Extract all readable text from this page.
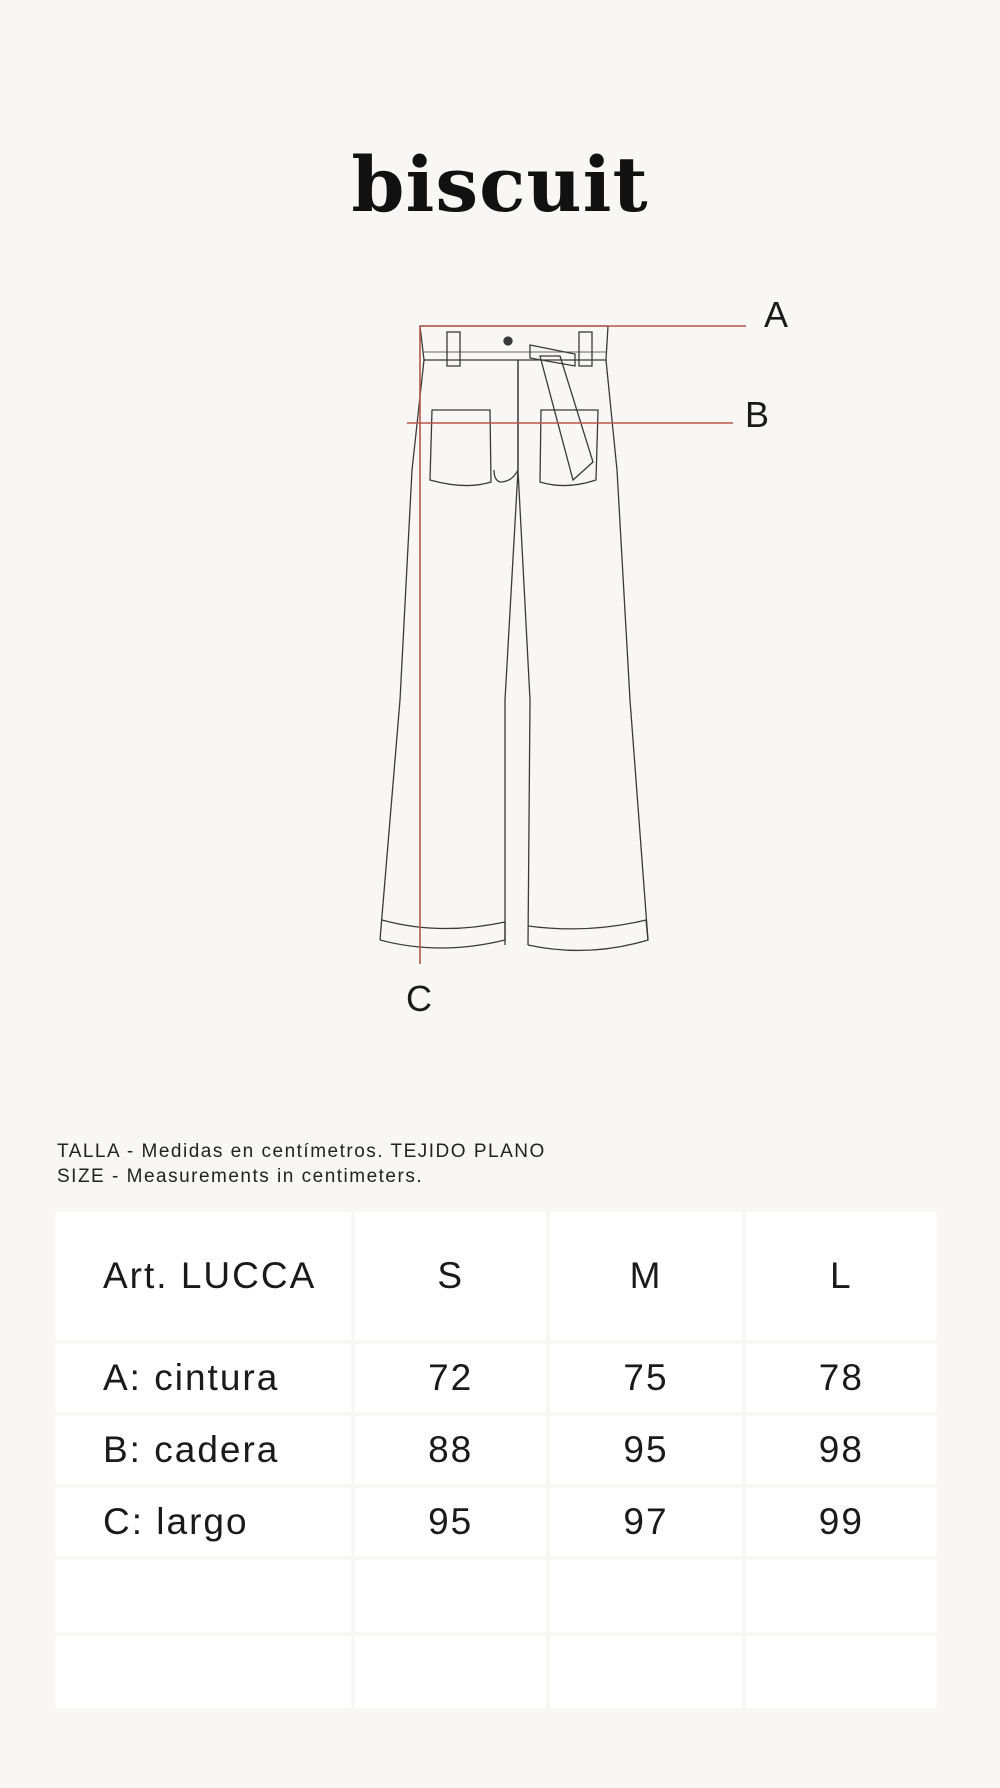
biscuit
A
B
C
TALLA - Medidas en centímetros. TEJIDO PLANO
SIZE - Measurements in centimeters.
Art. LUCCA	S	M	L
A: cintura	72	75	78
B: cadera	88	95	98
C: largo	95	97	99
